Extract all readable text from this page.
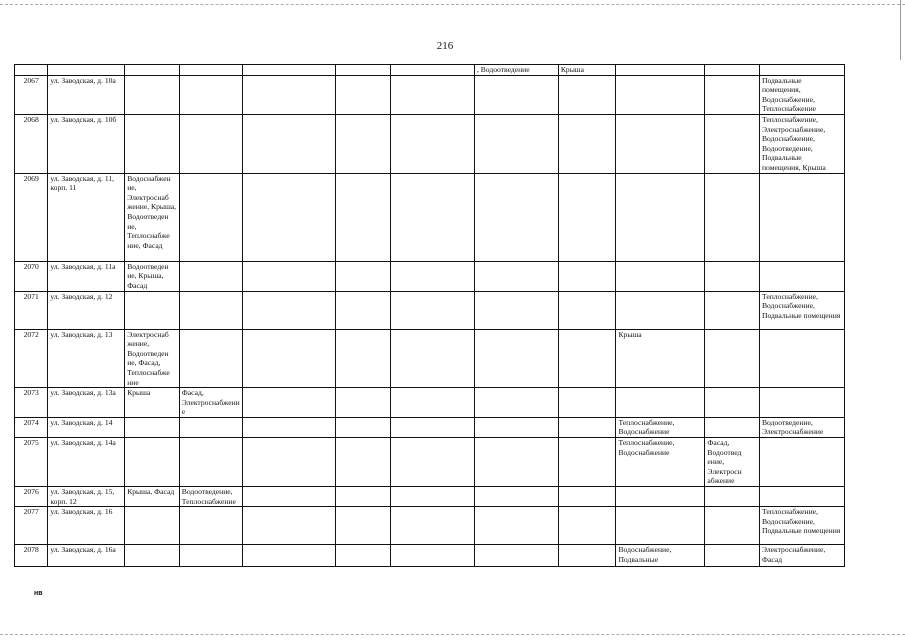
216
							, Водоотведение	Крыша			
2067	ул. Заводская, д. 10а										Подвальные помещения, Водоснабжение, Теплоснабжение
2068	ул. Заводская, д. 10б										Теплоснабжение, Электроснабжение, Водоснабжение, Водоотведение, Подвальные помещения, Крыша
2069	ул. Заводская, д. 11, корп. 11	Водоснабжен ие, Электроснаб жение, Крыша, Водоотведен ие, Теплоснабже ние, Фасад									
2070	ул. Заводская, д. 11а	Водоотведен ие, Крыша, Фасад									
2071	ул. Заводская, д. 12										Теплоснабжение, Водоснабжение, Подвальные помещения
2072	ул. Заводская, д. 13	Электроснаб жение, Водоотведен ие, Фасад, Теплоснабже ние							Крыша		
2073	ул. Заводская, д. 13а	Крыша	Фасад, Электроснабжение								
2074	ул. Заводская, д. 14								Теплоснабжение, Водоснабжение		Водоотведение, Электроснабжение
2075	ул. Заводская, д. 14а								Теплоснабжение, Водоснабжение	Фасад, Водоотвед ение, Электросн абжение	
2076	ул. Заводская, д. 15, корп. 12	Крыша, Фасад	Водоотведение, Теплоснабжение								
2077	ул. Заводская, д. 16										Теплоснабжение, Водоснабжение, Подвальные помещения
2078	ул. Заводская, д. 16а								Водоснабжение, Подвальные		Электроснабжение, Фасад
нв
